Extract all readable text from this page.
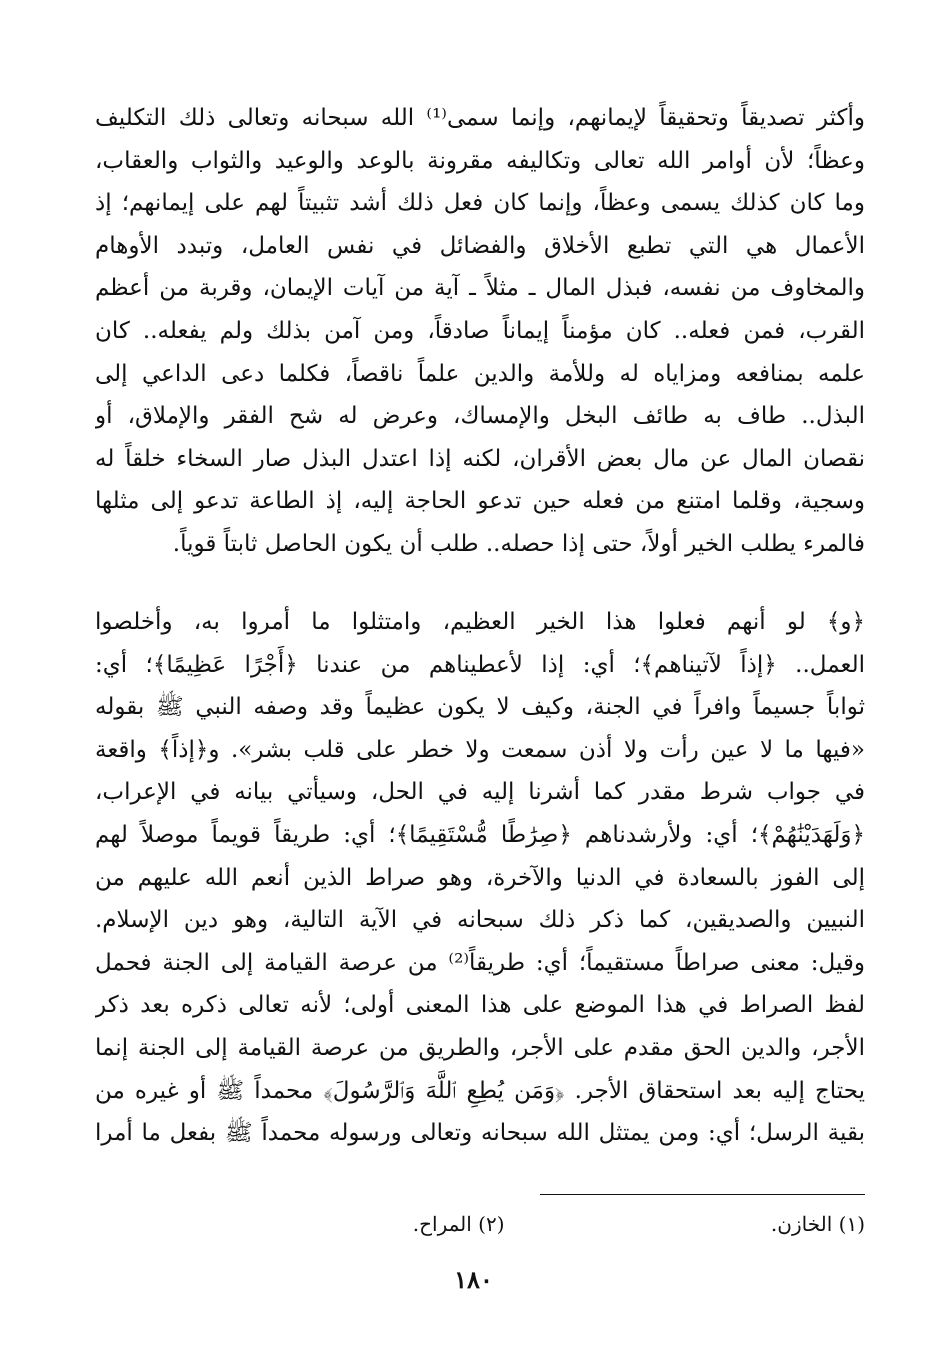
وأكثر تصديقاً وتحقيقاً لإيمانهم، وإنما سمى⁽¹⁾ الله سبحانه وتعالى ذلك التكليف
وعظاً؛ لأن أوامر الله تعالى وتكاليفه مقرونة بالوعد والوعيد والثواب والعقاب،
وما كان كذلك يسمى وعظاً، وإنما كان فعل ذلك أشد تثبيتاً لهم على إيمانهم؛ إذ
الأعمال هي التي تطبع الأخلاق والفضائل في نفس العامل، وتبدد الأوهام
والمخاوف من نفسه، فبذل المال ـ مثلاً ـ آية من آيات الإيمان، وقربة من أعظم
القرب، فمن فعله.. كان مؤمناً إيماناً صادقاً، ومن آمن بذلك ولم يفعله.. كان
علمه بمنافعه ومزاياه له وللأمة والدين علماً ناقصاً، فكلما دعى الداعي إلى
البذل.. طاف به طائف البخل والإمساك، وعرض له شح الفقر والإملاق، أو
نقصان المال عن مال بعض الأقران، لكنه إذا اعتدل البذل صار السخاء خلقاً له
وسجية، وقلما امتنع من فعله حين تدعو الحاجة إليه، إذ الطاعة تدعو إلى مثلها
فالمرء يطلب الخير أولاً، حتى إذا حصله.. طلب أن يكون الحاصل ثابتاً قوياً.
﴿و﴾ لو أنهم فعلوا هذا الخير العظيم، وامتثلوا ما أمروا به، وأخلصوا
العمل.. ﴿إذاً لآتيناهم﴾؛ أي: إذا لأعطيناهم من عندنا ﴿أَجْرًا عَظِيمًا﴾؛ أي:
ثواباً جسيماً وافراً في الجنة، وكيف لا يكون عظيماً وقد وصفه النبي ﷺ بقوله
«فيها ما لا عين رأت ولا أذن سمعت ولا خطر على قلب بشر». و﴿إذاً﴾ واقعة
في جواب شرط مقدر كما أشرنا إليه في الحل، وسيأتي بيانه في الإعراب،
﴿وَلَهَدَيْنَٰهُمْ﴾؛ أي: ولأرشدناهم ﴿صِرَٰطًا مُّسْتَقِيمًا﴾؛ أي: طريقاً قويماً موصلاً لهم
إلى الفوز بالسعادة في الدنيا والآخرة، وهو صراط الذين أنعم الله عليهم من
النبيين والصديقين، كما ذكر ذلك سبحانه في الآية التالية، وهو دين الإسلام.
وقيل: معنى صراطاً مستقيماً؛ أي: طريقاً⁽²⁾ من عرصة القيامة إلى الجنة فحمل
لفظ الصراط في هذا الموضع على هذا المعنى أولى؛ لأنه تعالى ذكره بعد ذكر
الأجر، والدين الحق مقدم على الأجر، والطريق من عرصة القيامة إلى الجنة إنما
يحتاج إليه بعد استحقاق الأجر. ﴿وَمَن يُطِعِ ٱللَّهَ وَٱلرَّسُولَ﴾ محمداً ﷺ أو غيره من
بقية الرسل؛ أي: ومن يمتثل الله سبحانه وتعالى ورسوله محمداً ﷺ بفعل ما أمرا
(١) الخازن. (٢) المراح.
١٨٠
